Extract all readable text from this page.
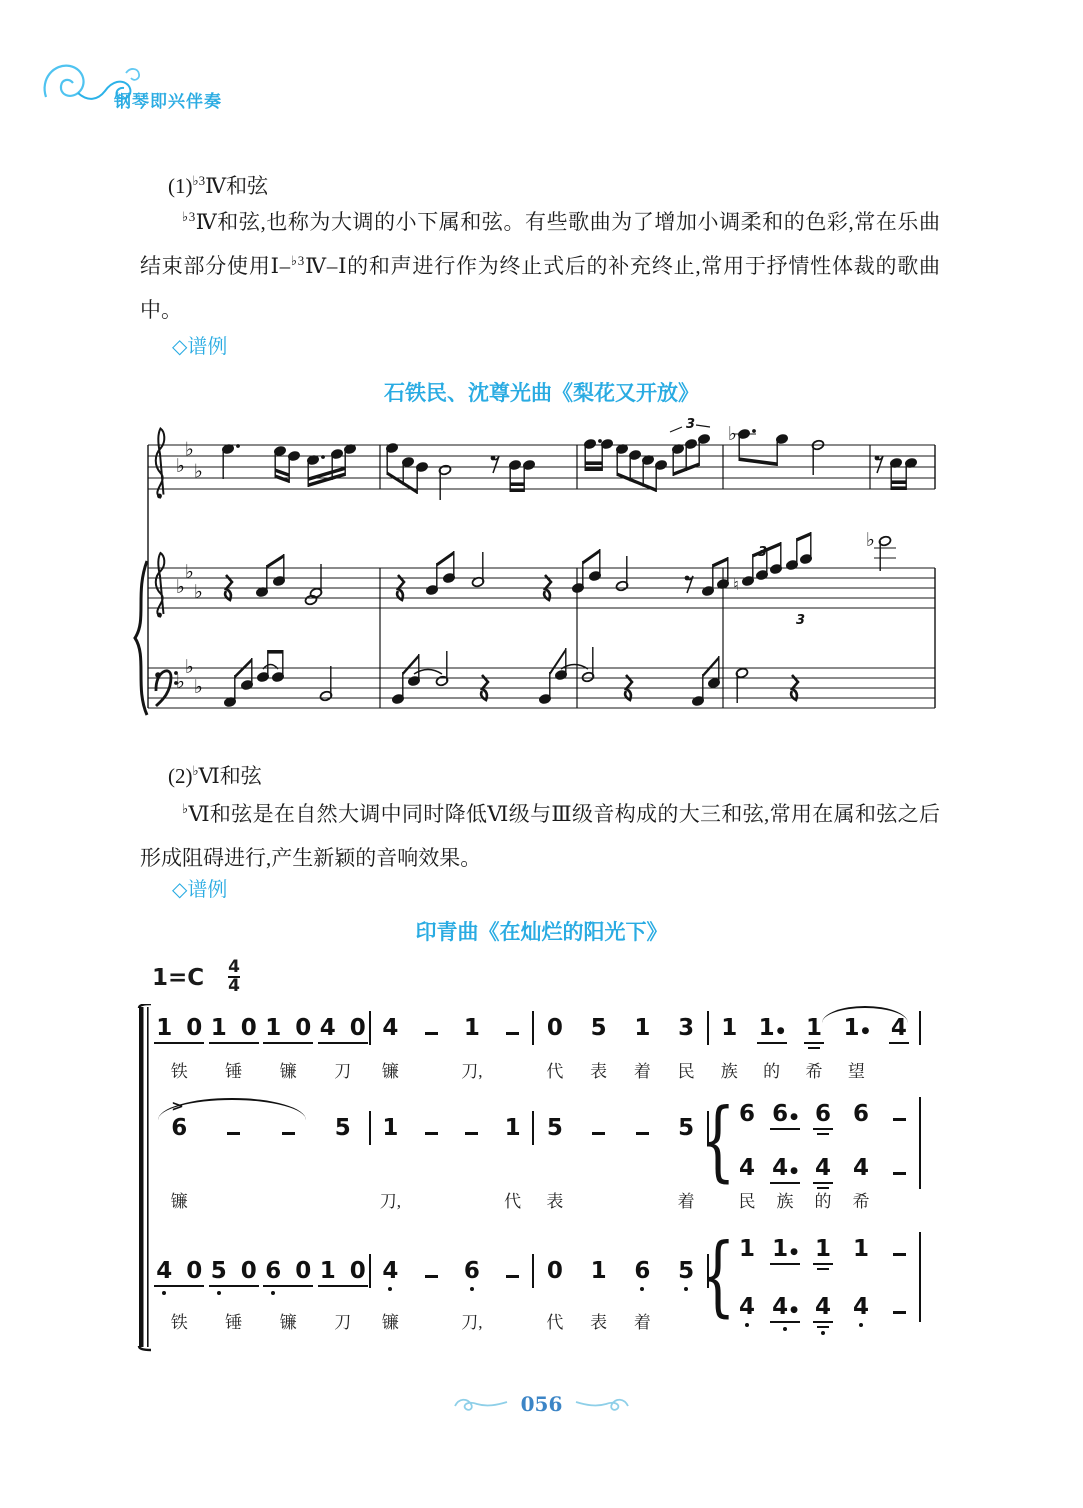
钢琴即兴伴奏
$(1)^{♭3}Ⅳ$和弦
$^{♭3}$Ⅳ和弦,也称为大调的小下属和弦。有些歌曲为了增加小调柔和的色彩,常在乐曲结束部分使用Ⅰ–$^{♭3}$Ⅳ–Ⅰ的和声进行作为终止式后的补充终止,常用于抒情性体裁的歌曲中。
◇谱例
石铁民、沈尊光曲《梨花又开放》
♭
♭
♭
♭
♭
♭
♭
♭
♭
3 ♭
♮
3
3
♭
(2)♭Ⅵ和弦
♭Ⅵ和弦是在自然大调中同时降低Ⅵ级与Ⅲ级音构成的大三和弦,常用在属和弦之后形成阻碍进行,产生新颖的音响效果。
◇谱例
印青曲《在灿烂的阳光下》
$1=C \frac{4}{4}$
1 0 1 0 1 0 4 0
铁	锤	镰	刀
4	1
镰	刀,
0 5 1 3
代	表	着	民
1 1 ● 1 1 ● 4
族	的	希	望
6
>
5
镰
1	1
刀,	代
5	5
表	着
{ 6 6 ● 6 6
4 4 ● 4 4
民	族	的	希
4 0 5 0 6 0 1 0
铁	锤	镰	刀
4	6
镰	刀,
0 1 6 5
代	表	着 { 1 1 ● 1 1
4 4 ● 4 4
056
